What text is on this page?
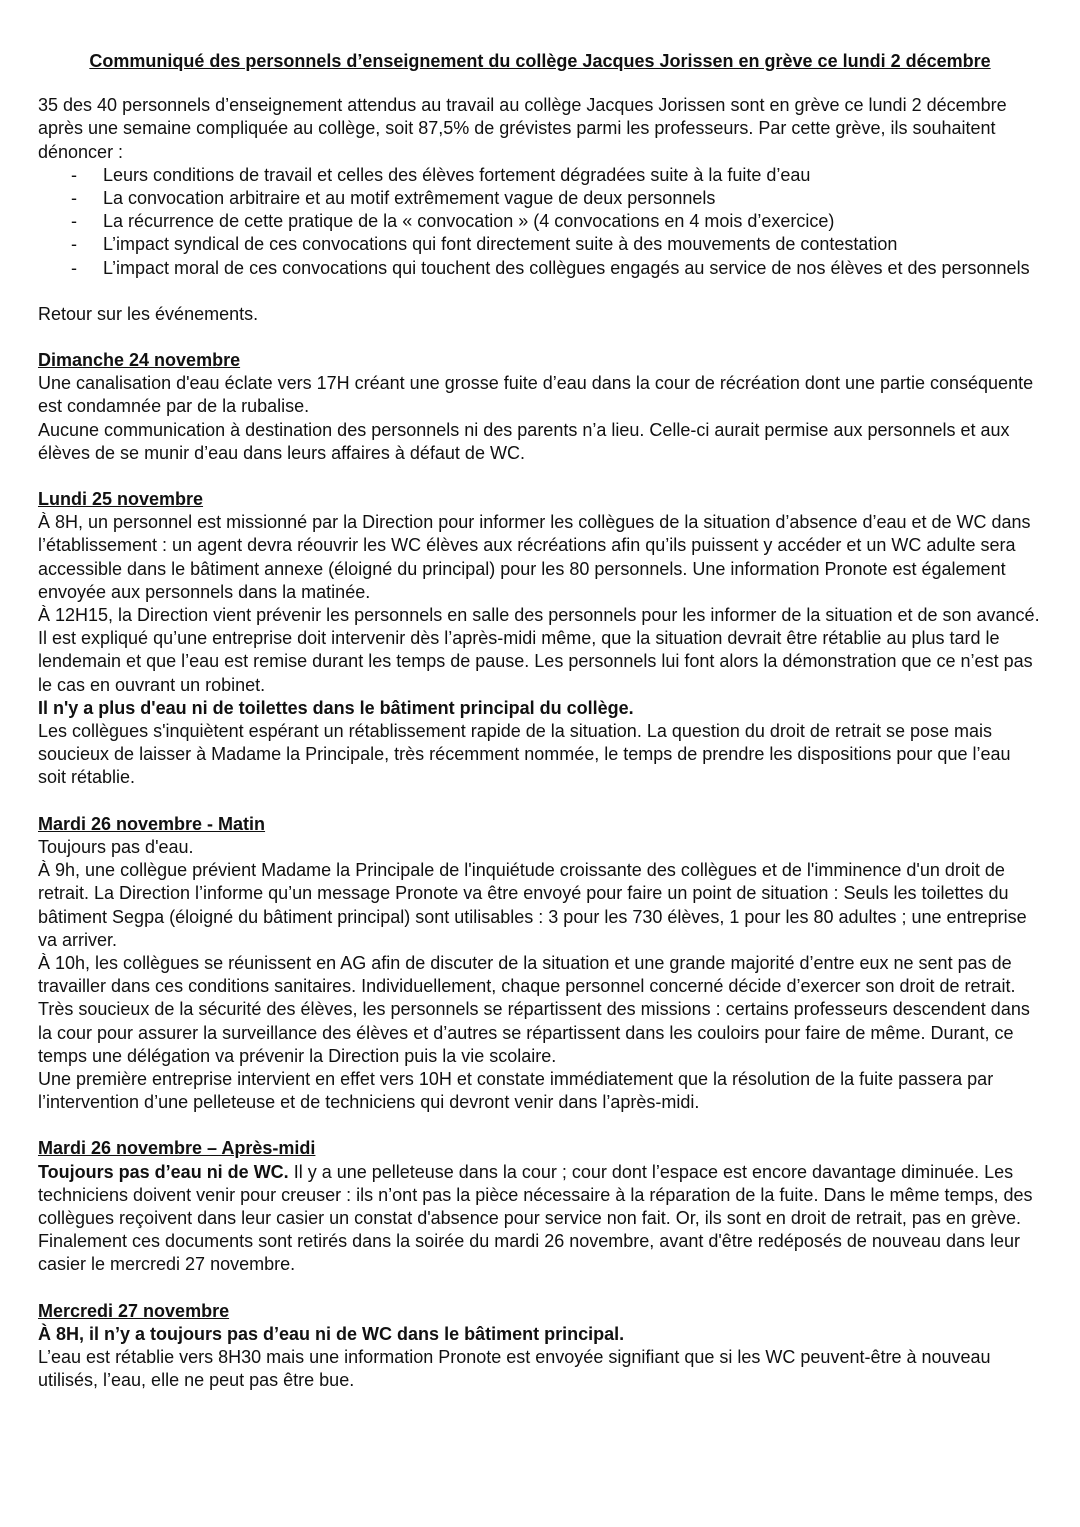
Communiqué des personnels d’enseignement du collège Jacques Jorissen en grève ce lundi 2 décembre

35 des 40 personnels d’enseignement attendus au travail au collège Jacques Jorissen sont en grève ce lundi 2 décembre après une semaine compliquée au collège, soit 87,5% de grévistes parmi les professeurs. Par cette grève, ils souhaitent dénoncer :

- Leurs conditions de travail et celles des élèves fortement dégradées suite à la fuite d’eau
- La convocation arbitraire et au motif extrêmement vague de deux personnels
- La récurrence de cette pratique de la « convocation » (4 convocations en 4 mois d’exercice)
- L’impact syndical de ces convocations qui font directement suite à des mouvements de contestation
- L’impact moral de ces convocations qui touchent des collègues engagés au service de nos élèves et des personnels

Retour sur les événements.

Dimanche 24 novembre

Une canalisation d'eau éclate vers 17H créant une grosse fuite d’eau dans la cour de récréation dont une partie conséquente est condamnée par de la rubalise.

Aucune communication à destination des personnels ni des parents n’a lieu. Celle-ci aurait permise aux personnels et aux élèves de se munir d’eau dans leurs affaires à défaut de WC.

Lundi 25 novembre

À 8H, un personnel est missionné par la Direction pour informer les collègues de la situation d’absence d’eau et de WC dans l’établissement : un agent devra réouvrir les WC élèves aux récréations afin qu’ils puissent y accéder et un WC adulte sera accessible dans le bâtiment annexe (éloigné du principal) pour les 80 personnels. Une information Pronote est également envoyée aux personnels dans la matinée.

À 12H15, la Direction vient prévenir les personnels en salle des personnels pour les informer de la situation et de son avancé. Il est expliqué qu’une entreprise doit intervenir dès l’après-midi même, que la situation devrait être rétablie au plus tard le lendemain et que l’eau est remise durant les temps de pause. Les personnels lui font alors la démonstration que ce n’est pas le cas en ouvrant un robinet.

Il n'y a plus d'eau ni de toilettes dans le bâtiment principal du collège.

Les collègues s'inquiètent espérant un rétablissement rapide de la situation. La question du droit de retrait se pose mais soucieux de laisser à Madame la Principale, très récemment nommée, le temps de prendre les dispositions pour que l’eau soit rétablie.

Mardi 26 novembre - Matin

Toujours pas d'eau.

À 9h, une collègue prévient Madame la Principale de l'inquiétude croissante des collègues et de l'imminence d'un droit de retrait. La Direction l’informe qu’un message Pronote va être envoyé pour faire un point de situation : Seuls les toilettes du bâtiment Segpa (éloigné du bâtiment principal) sont utilisables : 3 pour les 730 élèves, 1 pour les 80 adultes ; une entreprise va arriver.

À 10h, les collègues se réunissent en AG afin de discuter de la situation et une grande majorité d’entre eux ne sent pas de travailler dans ces conditions sanitaires. Individuellement, chaque personnel concerné décide d’exercer son droit de retrait.

Très soucieux de la sécurité des élèves, les personnels se répartissent des missions : certains professeurs descendent dans la cour pour assurer la surveillance des élèves et d’autres se répartissent dans les couloirs pour faire de même. Durant, ce temps une délégation va prévenir la Direction puis la vie scolaire.

Une première entreprise intervient en effet vers 10H et constate immédiatement que la résolution de la fuite passera par l’intervention d’une pelleteuse et de techniciens qui devront venir dans l’après-midi.

Mardi 26 novembre – Après-midi

Toujours pas d’eau ni de WC. Il y a une pelleteuse dans la cour ; cour dont l’espace est encore davantage diminuée. Les techniciens doivent venir pour creuser : ils n’ont pas la pièce nécessaire à la réparation de la fuite. Dans le même temps, des collègues reçoivent dans leur casier un constat d'absence pour service non fait. Or, ils sont en droit de retrait, pas en grève. Finalement ces documents sont retirés dans la soirée du mardi 26 novembre, avant d'être redéposés de nouveau dans leur casier le mercredi 27 novembre.

Mercredi 27 novembre

À 8H, il n’y a toujours pas d’eau ni de WC dans le bâtiment principal.

L’eau est rétablie vers 8H30 mais une information Pronote est envoyée signifiant que si les WC peuvent-être à nouveau utilisés, l’eau, elle ne peut pas être bue.
